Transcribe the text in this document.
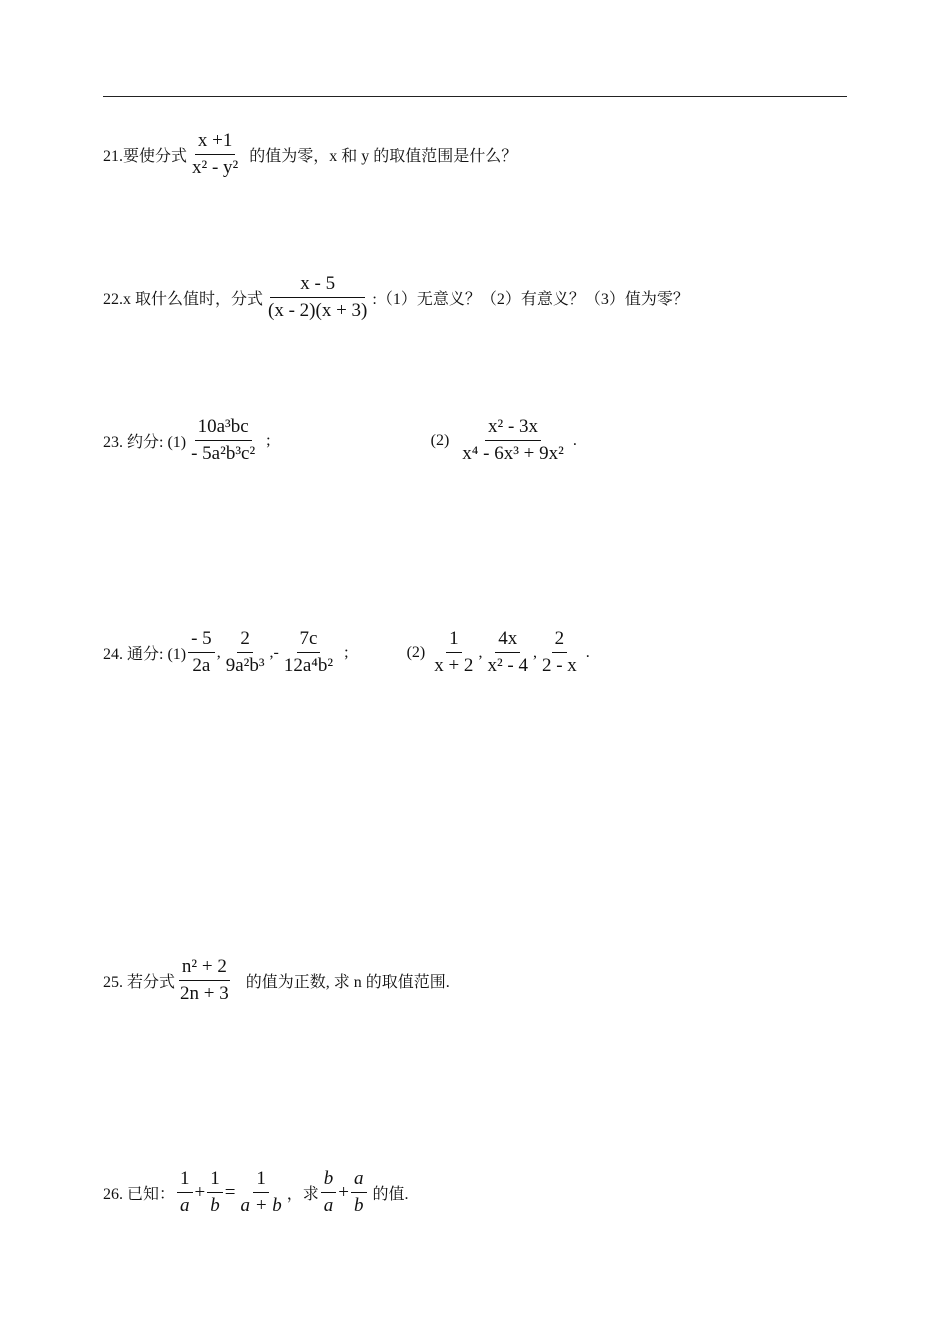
21.要使分式 $\frac{x +1}{\text{x² - y²}}$ 的值为零，x 和 y 的取值范围是什么？
22.x 取什么值时，分式 $\frac{x - 5}{(x - 2)(x + 3)}$ :（1）无意义？（2）有意义？（3）值为零？
23. 约分: $(1) \frac{\text{10a³bc}}{\text{- 5a²b³c²}}$ ;	$(2) \frac{\text{x² - 3x}}{\text{x⁴ - 6x³ + 9x²}}$ .
24. 通分: $(1) \frac{- 5}{2a}$ , $\frac{2}{\text{9a²b³}}$ ,- $\frac{7c}{\text{12a⁴b²}}$ ;	$(2) \frac{1}{x + 2}$ , $\frac{4x}{\text{x² - 4}}$ , $\frac{2}{2 - x}$ .
25. 若分式 $\frac{\text{n² + 2}}{2n + 3}$ 的值为正数, 求 n 的取值范围.
26. 已知： $\frac{1}{a} + \frac{1}{b} = \frac{1}{a + b}$ ，求 $\frac{b}{a} + \frac{a}{b}$ 的值.
